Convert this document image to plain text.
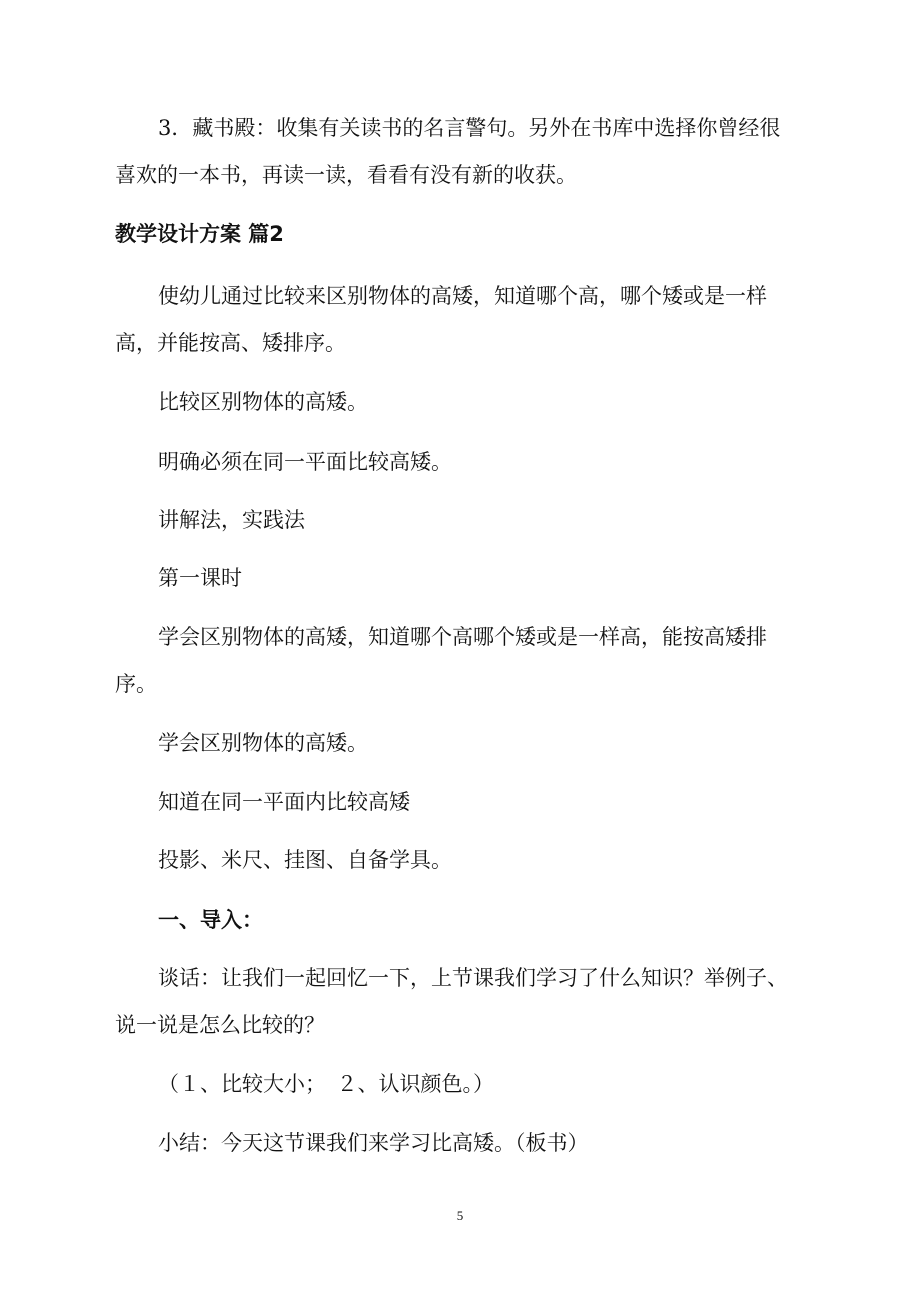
3．藏书殿：收集有关读书的名言警句。另外在书库中选择你曾经很

喜欢的一本书，再读一读，看看有没有新的收获。

教学设计方案 篇2

使幼儿通过比较来区别物体的高矮，知道哪个高，哪个矮或是一样

高，并能按高、矮排序。

比较区别物体的高矮。

明确必须在同一平面比较高矮。

讲解法，实践法

第一课时

学会区别物体的高矮，知道哪个高哪个矮或是一样高，能按高矮排

序。

学会区别物体的高矮。

知道在同一平面内比较高矮

投影、米尺、挂图、自备学具。

一、导入：

谈话：让我们一起回忆一下，上节课我们学习了什么知识？举例子、

说一说是怎么比较的？

（１、比较大小；　２、认识颜色。）

小结：今天这节课我们来学习比高矮。（板书）

5
